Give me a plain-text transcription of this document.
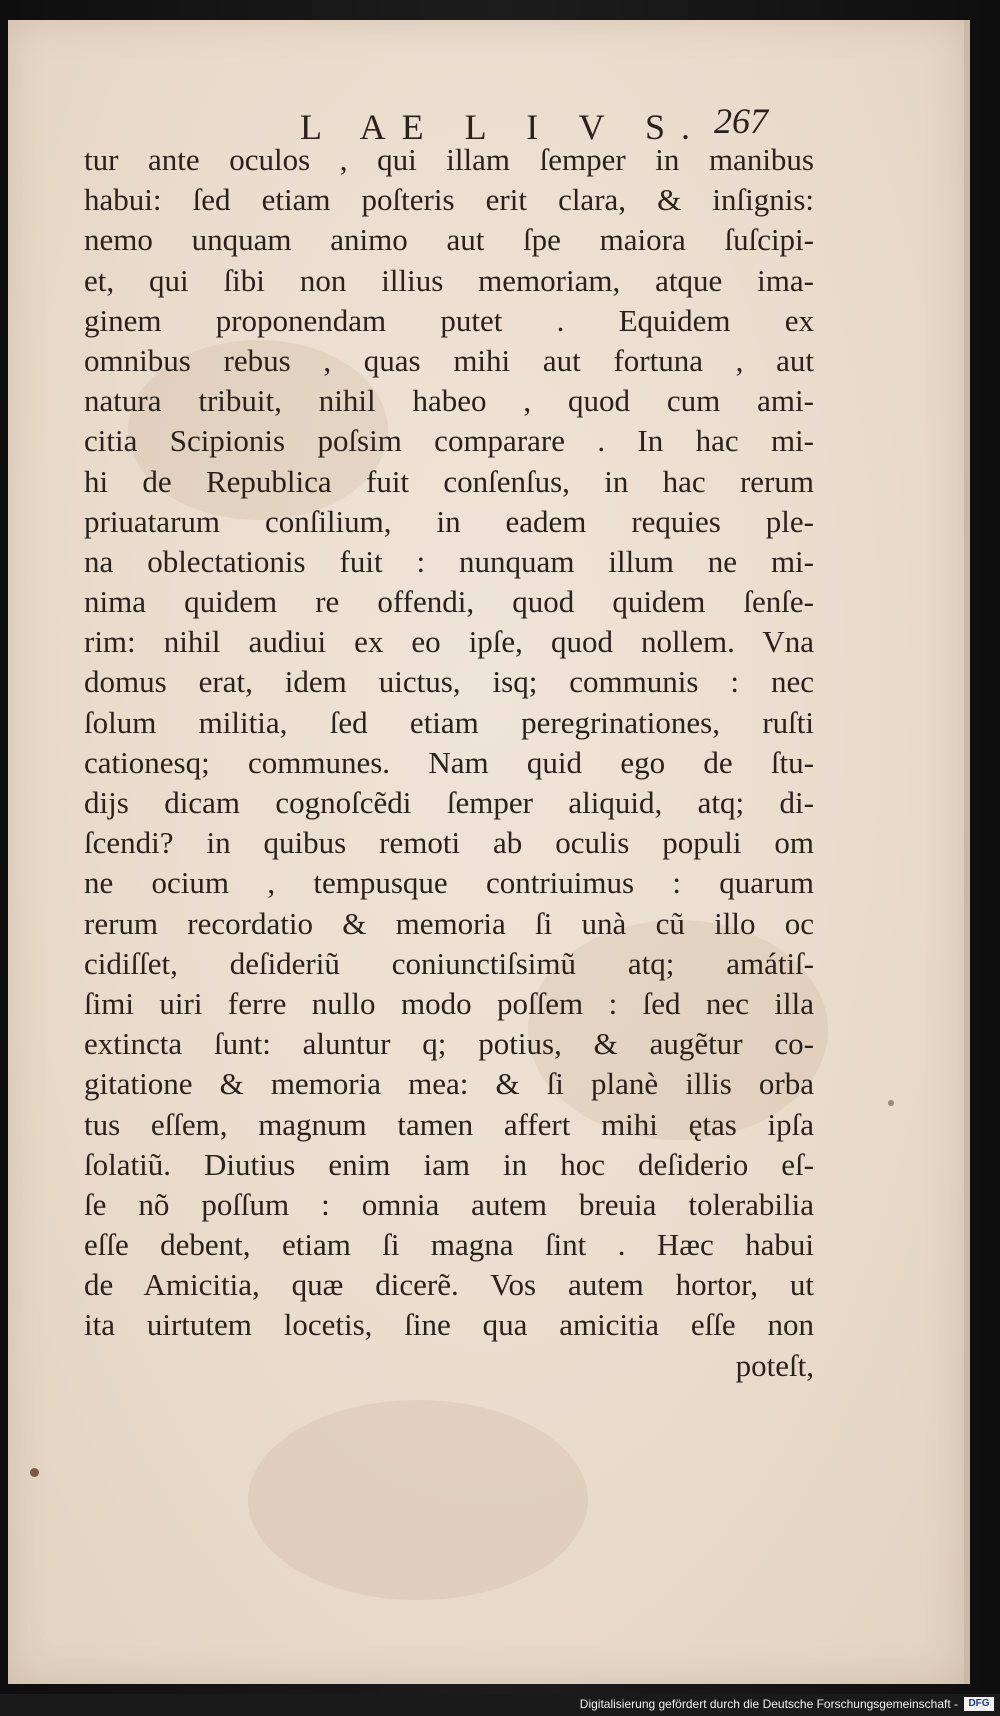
L AE L I V S. 267
tur ante oculos , qui illam ſemper in manibus
habui: ſed etiam poſteris erit clara, & inſignis:
nemo unquam animo aut ſpe maiora ſuſcipi-
et, qui ſibi non illius memoriam, atque ima-
ginem proponendam putet . Equidem ex
omnibus rebus , quas mihi aut fortuna , aut
natura tribuit, nihil habeo , quod cum ami-
citia Scipionis poſsim comparare . In hac mi-
hi de Republica fuit conſenſus, in hac rerum
priuatarum conſilium, in eadem requies ple-
na oblectationis fuit : nunquam illum ne mi-
nima quidem re offendi, quod quidem ſenſe-
rim: nihil audiui ex eo ipſe, quod nollem. Vna
domus erat, idem uictus, isq; communis : nec
ſolum militia, ſed etiam peregrinationes, ruſti
cationesq; communes. Nam quid ego de ſtu-
dijs dicam cognoſcẽdi ſemper aliquid, atq; di-
ſcendi? in quibus remoti ab oculis populi om
ne ocium , tempusque contriuimus : quarum
rerum recordatio & memoria ſi unà cũ illo oc
cidiſſet, deſideriũ coniunctiſsimũ atq; amátiſ-
ſimi uiri ferre nullo modo poſſem : ſed nec illa
extincta ſunt: aluntur q; potius, & augẽtur co-
gitatione & memoria mea: & ſi planè illis orba
tus eſſem, magnum tamen affert mihi ętas ipſa
ſolatiũ. Diutius enim iam in hoc deſiderio eſ-
ſe nõ poſſum : omnia autem breuia tolerabilia
eſſe debent, etiam ſi magna ſint . Hæc habui
de Amicitia, quæ dicerẽ. Vos autem hortor, ut
ita uirtutem locetis, ſine qua amicitia eſſe non
poteſt,
Digitalisierung gefördert durch die Deutsche Forschungsgemeinschaft -	DFG
